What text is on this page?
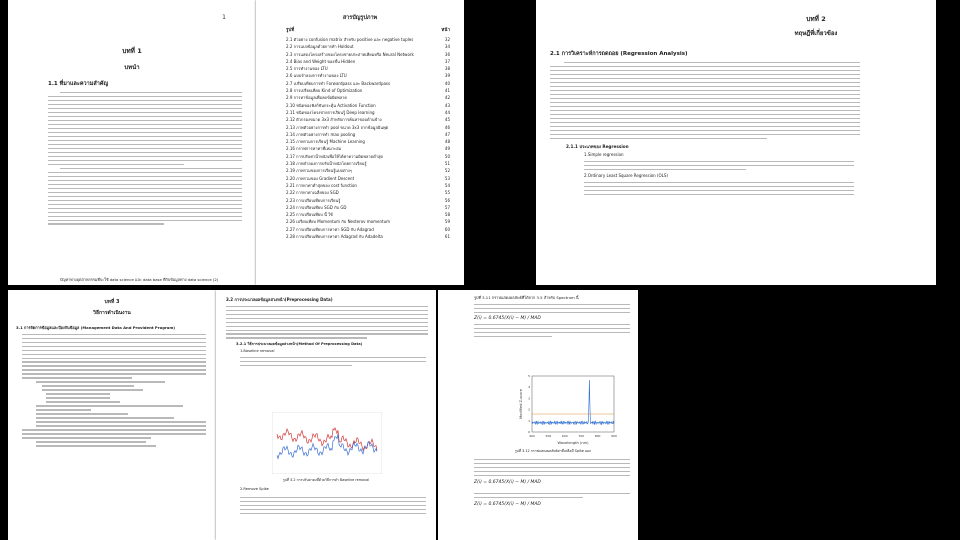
1
บทที่ 1
บทนำ
1.1 ที่มาและความสำคัญ
ปัญหาทางอุตสาหกรรมที่จะใช้ data science และ data base ที่กับข้อมูลทาง data science (2)
สารบัญรูปภาพ
รูปที่	หน้า
2.1 ตัวอย่าง confusion matrix สำหรับ positive และ negative tuples	32
2.2 การแบ่งข้อมูลด้วยการทำ Holdout	34
2.3 การแสดงโครงสร้างของโครงข่ายประสาทเทียมหรือ Neural Network	36
2.4 Bias and Weight ของชั้น Hidden	37
2.5 การทำงานของ LTU	38
2.6 แบบจำลองการทำงานของ LTU	39
2.7 เปรียบเทียบการทำ Forwardpass และ Backwardpass	40
2.8 การเปรียบเทียบ Kind of Optimization	41
2.9 การหาข้อมูลเพื่อลดข้อผิดพลาด	42
2.10 ชนิดของฟังก์ชันกระตุ้น Activation Function	43
2.11 ชนิดของโครงข่ายการเรียนรู้ Deep learning	44
2.12 ตัวกรองขนาด 3x3 สำหรับการค้นหาขอบด้านข้าง	45
2.13 ภาพตัวอย่างการทำ pool ขนาด 3x3 จากข้อมูลอินพุต	46
2.14 ภาพตัวอย่างการทำ max pooling	47
2.15 ภาพรวมการเรียนรู้ Machine Learning	48
2.16 กราฟการหาค่าที่เหมาะสม	49
2.17 การปรับค่าน้ำหนักเพื่อให้ได้ค่าความผิดพลาดต่ำสุด	50
2.18 ภาพจำลองการปรับน้ำหนักโดยการเรียนรู้	51
2.19 ภาพรวมของการเรียนรู้แบบต่างๆ	52
2.20 ภาพรวมของ Gradient Descent	53
2.21 การหาค่าต่ำสุดของ cost function	54
2.22 การหาค่าเฉลี่ยของ SGD	55
2.23 การเปรียบเทียบการเรียนรู้	56
2.24 การเปรียบเทียบ SGD กับ GD	57
2.25 การเปรียบเทียบ นี้ ใช้	58
2.26 เปรียบเทียบ Momentum กับ Nesterov momentum	59
2.27 การเปรียบเทียบการหาค่า SGD กับ Adagrad	60
2.28 การเปรียบเทียบการหาค่า Adagrad กับ Adadelta	61
บทที่ 2
ทฤษฎีที่เกี่ยวข้อง
2.1 การวิเคราะห์การถดถอย (Regression Analysis)
2.1.1 ประเภทของ Regression
1.Simple regression
2.Ordinary Least Square Regression (OLS)
บทที่ 3
วิธีการดำเนินงาน
3.1 การจัดการข้อมูลและป้องกันข้อมูล (Management Data And Provident Program)
3.2 การประมวลผลข้อมูลล่วงหน้า(Preprocessing Data)
3.2.1 วิธีการประมวลผลข้อมูลล่วงหน้า(Method Of Preprocessing Data)
1.Baseline removal
รูปที่ 3.2 การปรับค่าคงที่ด้วยวิธีการทำ Baseline removal
2.Remove Spike
รูปที่ 3.11 กราฟแสดงผลลัพธ์ที่ได้จาก 3.5 สำหรับ Spectrum นี้
Z(i) = 0.6745(X(i) − M) / MAD
400	500	600	700	800	900
0
1
2
3
4
5
Wavelength (nm)
Modified Z-score
รูปที่ 3.12 กราฟแสดงผลลัพธ์ค่าที่เหลือมี Spike ออก
Z(i) = 0.6745(X(i) − M) / MAD
Z(i) = 0.6745(X(i) − M) / MAD
